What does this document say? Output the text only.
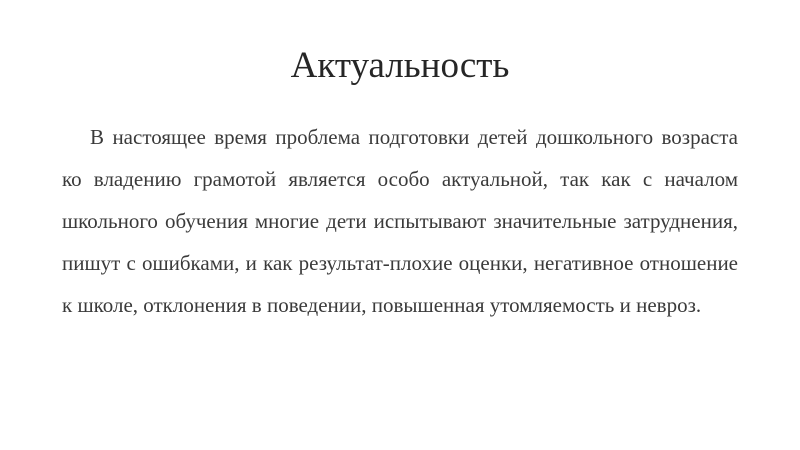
Актуальность

В настоящее время проблема подготовки детей дошкольного возраста ко владению грамотой является особо актуальной, так как с началом школьного обучения многие дети испытывают значительные затруднения, пишут с ошибками, и как результат-плохие оценки, негативное отношение к школе, отклонения в поведении, повышенная утомляемость и невроз.
